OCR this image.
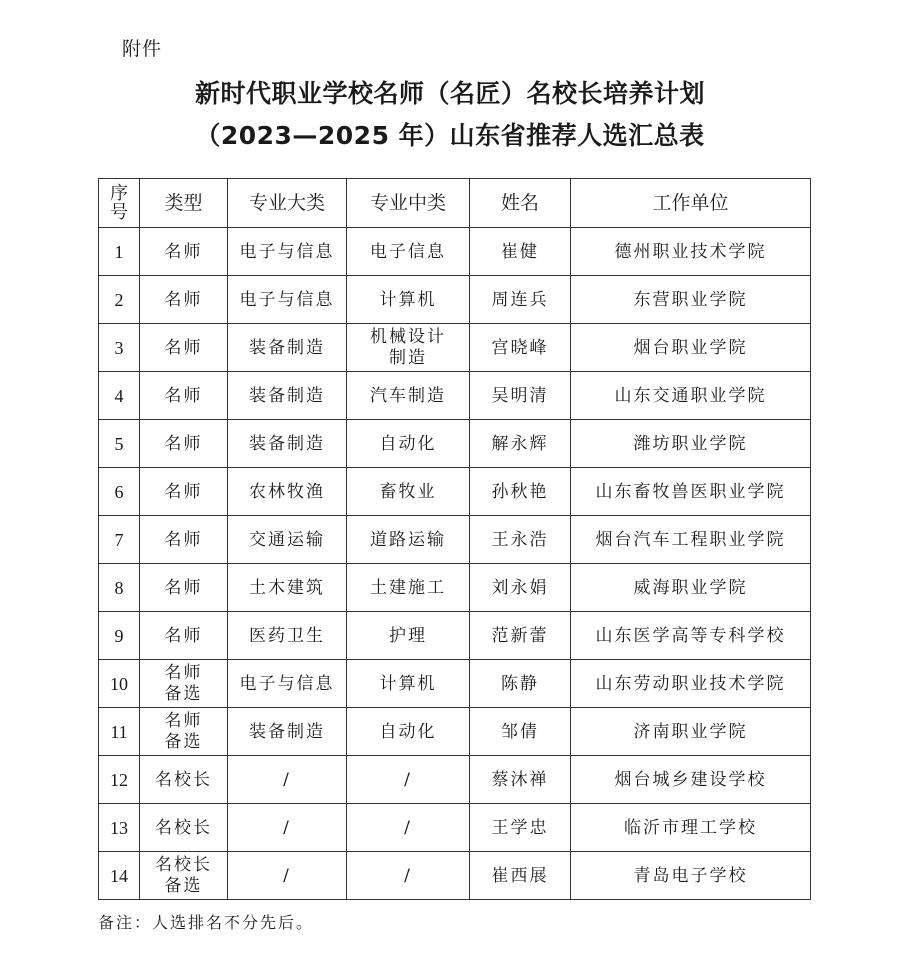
附件
新时代职业学校名师（名匠）名校长培养计划
（2023—2025 年）山东省推荐人选汇总表
序
号	类型	专业大类	专业中类	姓名	工作单位
1	名师	电子与信息	电子信息	崔健	德州职业技术学院
2	名师	电子与信息	计算机	周连兵	东营职业学院
3	名师	装备制造	机械设计
制造	宫晓峰	烟台职业学院
4	名师	装备制造	汽车制造	吴明清	山东交通职业学院
5	名师	装备制造	自动化	解永辉	潍坊职业学院
6	名师	农林牧渔	畜牧业	孙秋艳	山东畜牧兽医职业学院
7	名师	交通运输	道路运输	王永浩	烟台汽车工程职业学院
8	名师	土木建筑	土建施工	刘永娟	威海职业学院
9	名师	医药卫生	护理	范新蕾	山东医学高等专科学校
10	名师
备选	电子与信息	计算机	陈静	山东劳动职业技术学院
11	名师
备选	装备制造	自动化	邹倩	济南职业学院
12	名校长	/	/	蔡沐禅	烟台城乡建设学校
13	名校长	/	/	王学忠	临沂市理工学校
14	名校长
备选	/	/	崔西展	青岛电子学校
备注：人选排名不分先后。
